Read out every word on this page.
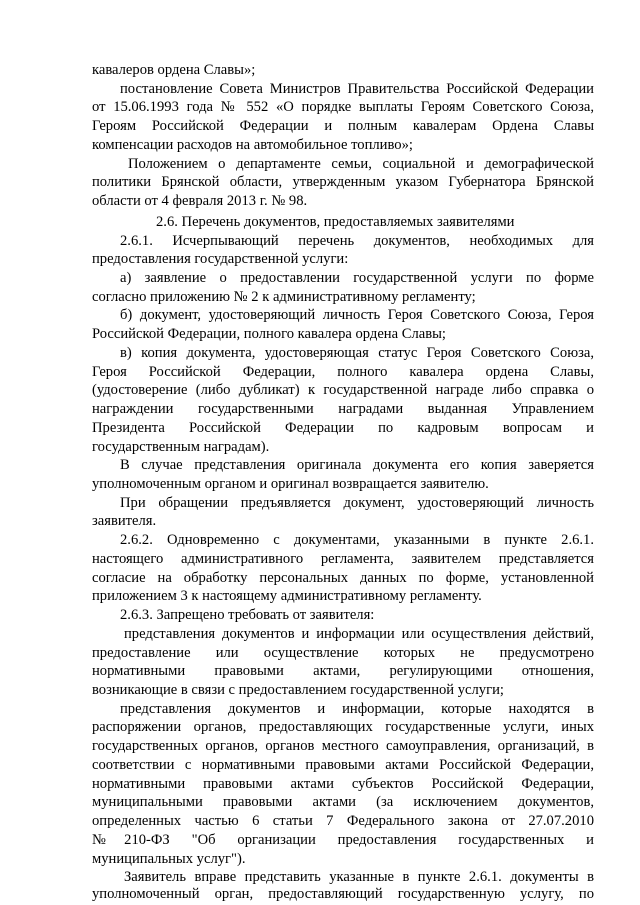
кавалеров ордена Славы»;
постановление Совета Министров Правительства Российской Федерации
от 15.06.1993 года № 552 «О порядке выплаты Героям Советского Союза,
Героям Российской Федерации и полным кавалерам Ордена Славы
компенсации расходов на автомобильное топливо»;
Положением о департаменте семьи, социальной и демографической
политики Брянской области, утвержденным указом Губернатора Брянской
области от 4 февраля 2013 г. № 98.
2.6. Перечень документов, предоставляемых заявителями
2.6.1. Исчерпывающий перечень документов, необходимых для
предоставления государственной услуги:
а) заявление о предоставлении государственной услуги по форме
согласно приложению № 2 к административному регламенту;
б) документ, удостоверяющий личность Героя Советского Союза, Героя
Российской Федерации, полного кавалера ордена Славы;
в) копия документа, удостоверяющая статус Героя Советского Союза,
Героя Российской Федерации, полного кавалера ордена Славы,
(удостоверение (либо дубликат) к государственной награде либо справка о
награждении государственными наградами выданная Управлением
Президента Российской Федерации по кадровым вопросам и
государственным наградам).
В случае представления оригинала документа его копия заверяется
уполномоченным органом и оригинал возвращается заявителю.
При обращении предъявляется документ, удостоверяющий личность
заявителя.
2.6.2. Одновременно с документами, указанными в пункте 2.6.1.
настоящего административного регламента, заявителем представляется
согласие на обработку персональных данных по форме, установленной
приложением 3 к настоящему административному регламенту.
2.6.3. Запрещено требовать от заявителя:
представления документов и информации или осуществления действий,
предоставление или осуществление которых не предусмотрено
нормативными правовыми актами, регулирующими отношения,
возникающие в связи с предоставлением государственной услуги;
представления документов и информации, которые находятся в
распоряжении органов, предоставляющих государственные услуги, иных
государственных органов, органов местного самоуправления, организаций, в
соответствии с нормативными правовыми актами Российской Федерации,
нормативными правовыми актами субъектов Российской Федерации,
муниципальными правовыми актами (за исключением документов,
определенных частью 6 статьи 7 Федерального закона от 27.07.2010
№210-ФЗ "Об организации предоставления государственных и
муниципальных услуг").
Заявитель вправе представить указанные в пункте 2.6.1. документы в
уполномоченный орган, предоставляющий государственную услугу, по
